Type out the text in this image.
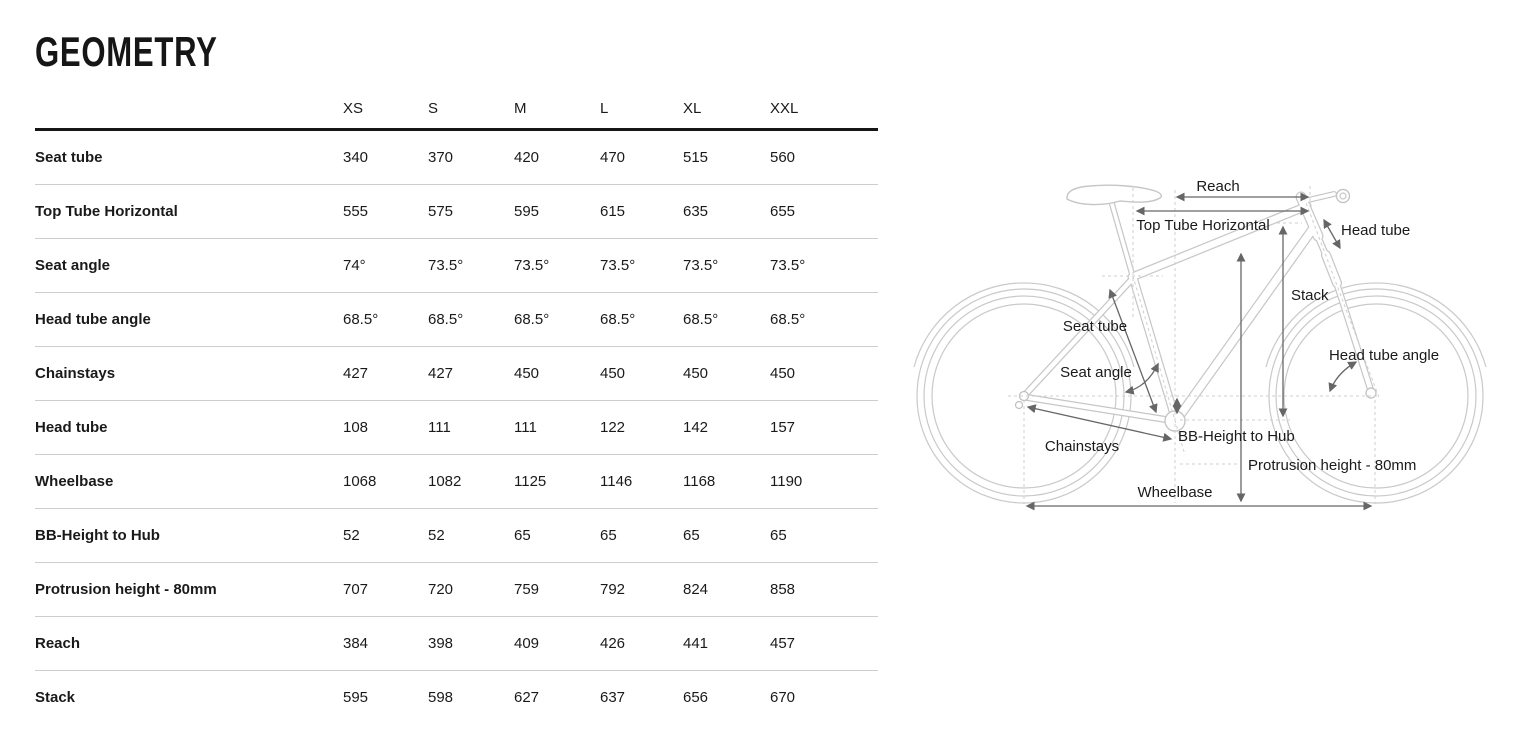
GEOMETRY
XS	S	M	L	XL	XXL
Seat tube	340	370	420	470	515	560
Top Tube Horizontal	555	575	595	615	635	655
Seat angle	74°	73.5°	73.5°	73.5°	73.5°	73.5°
Head tube angle	68.5°	68.5°	68.5°	68.5°	68.5°	68.5°
Chainstays	427	427	450	450	450	450
Head tube	108	111	111	122	142	157
Wheelbase	1068	1082	1125	1146	1168	1190
BB-Height to Hub	52	52	65	65	65	65
Protrusion height - 80mm	707	720	759	792	824	858
Reach	384	398	409	426	441	457
Stack	595	598	627	637	656	670
Reach
Top Tube Horizontal	Head tube
Stack
Seat tube
Seat angle
Head tube angle
BB-Height to Hub
Chainstays
Protrusion height - 80mm
Wheelbase
